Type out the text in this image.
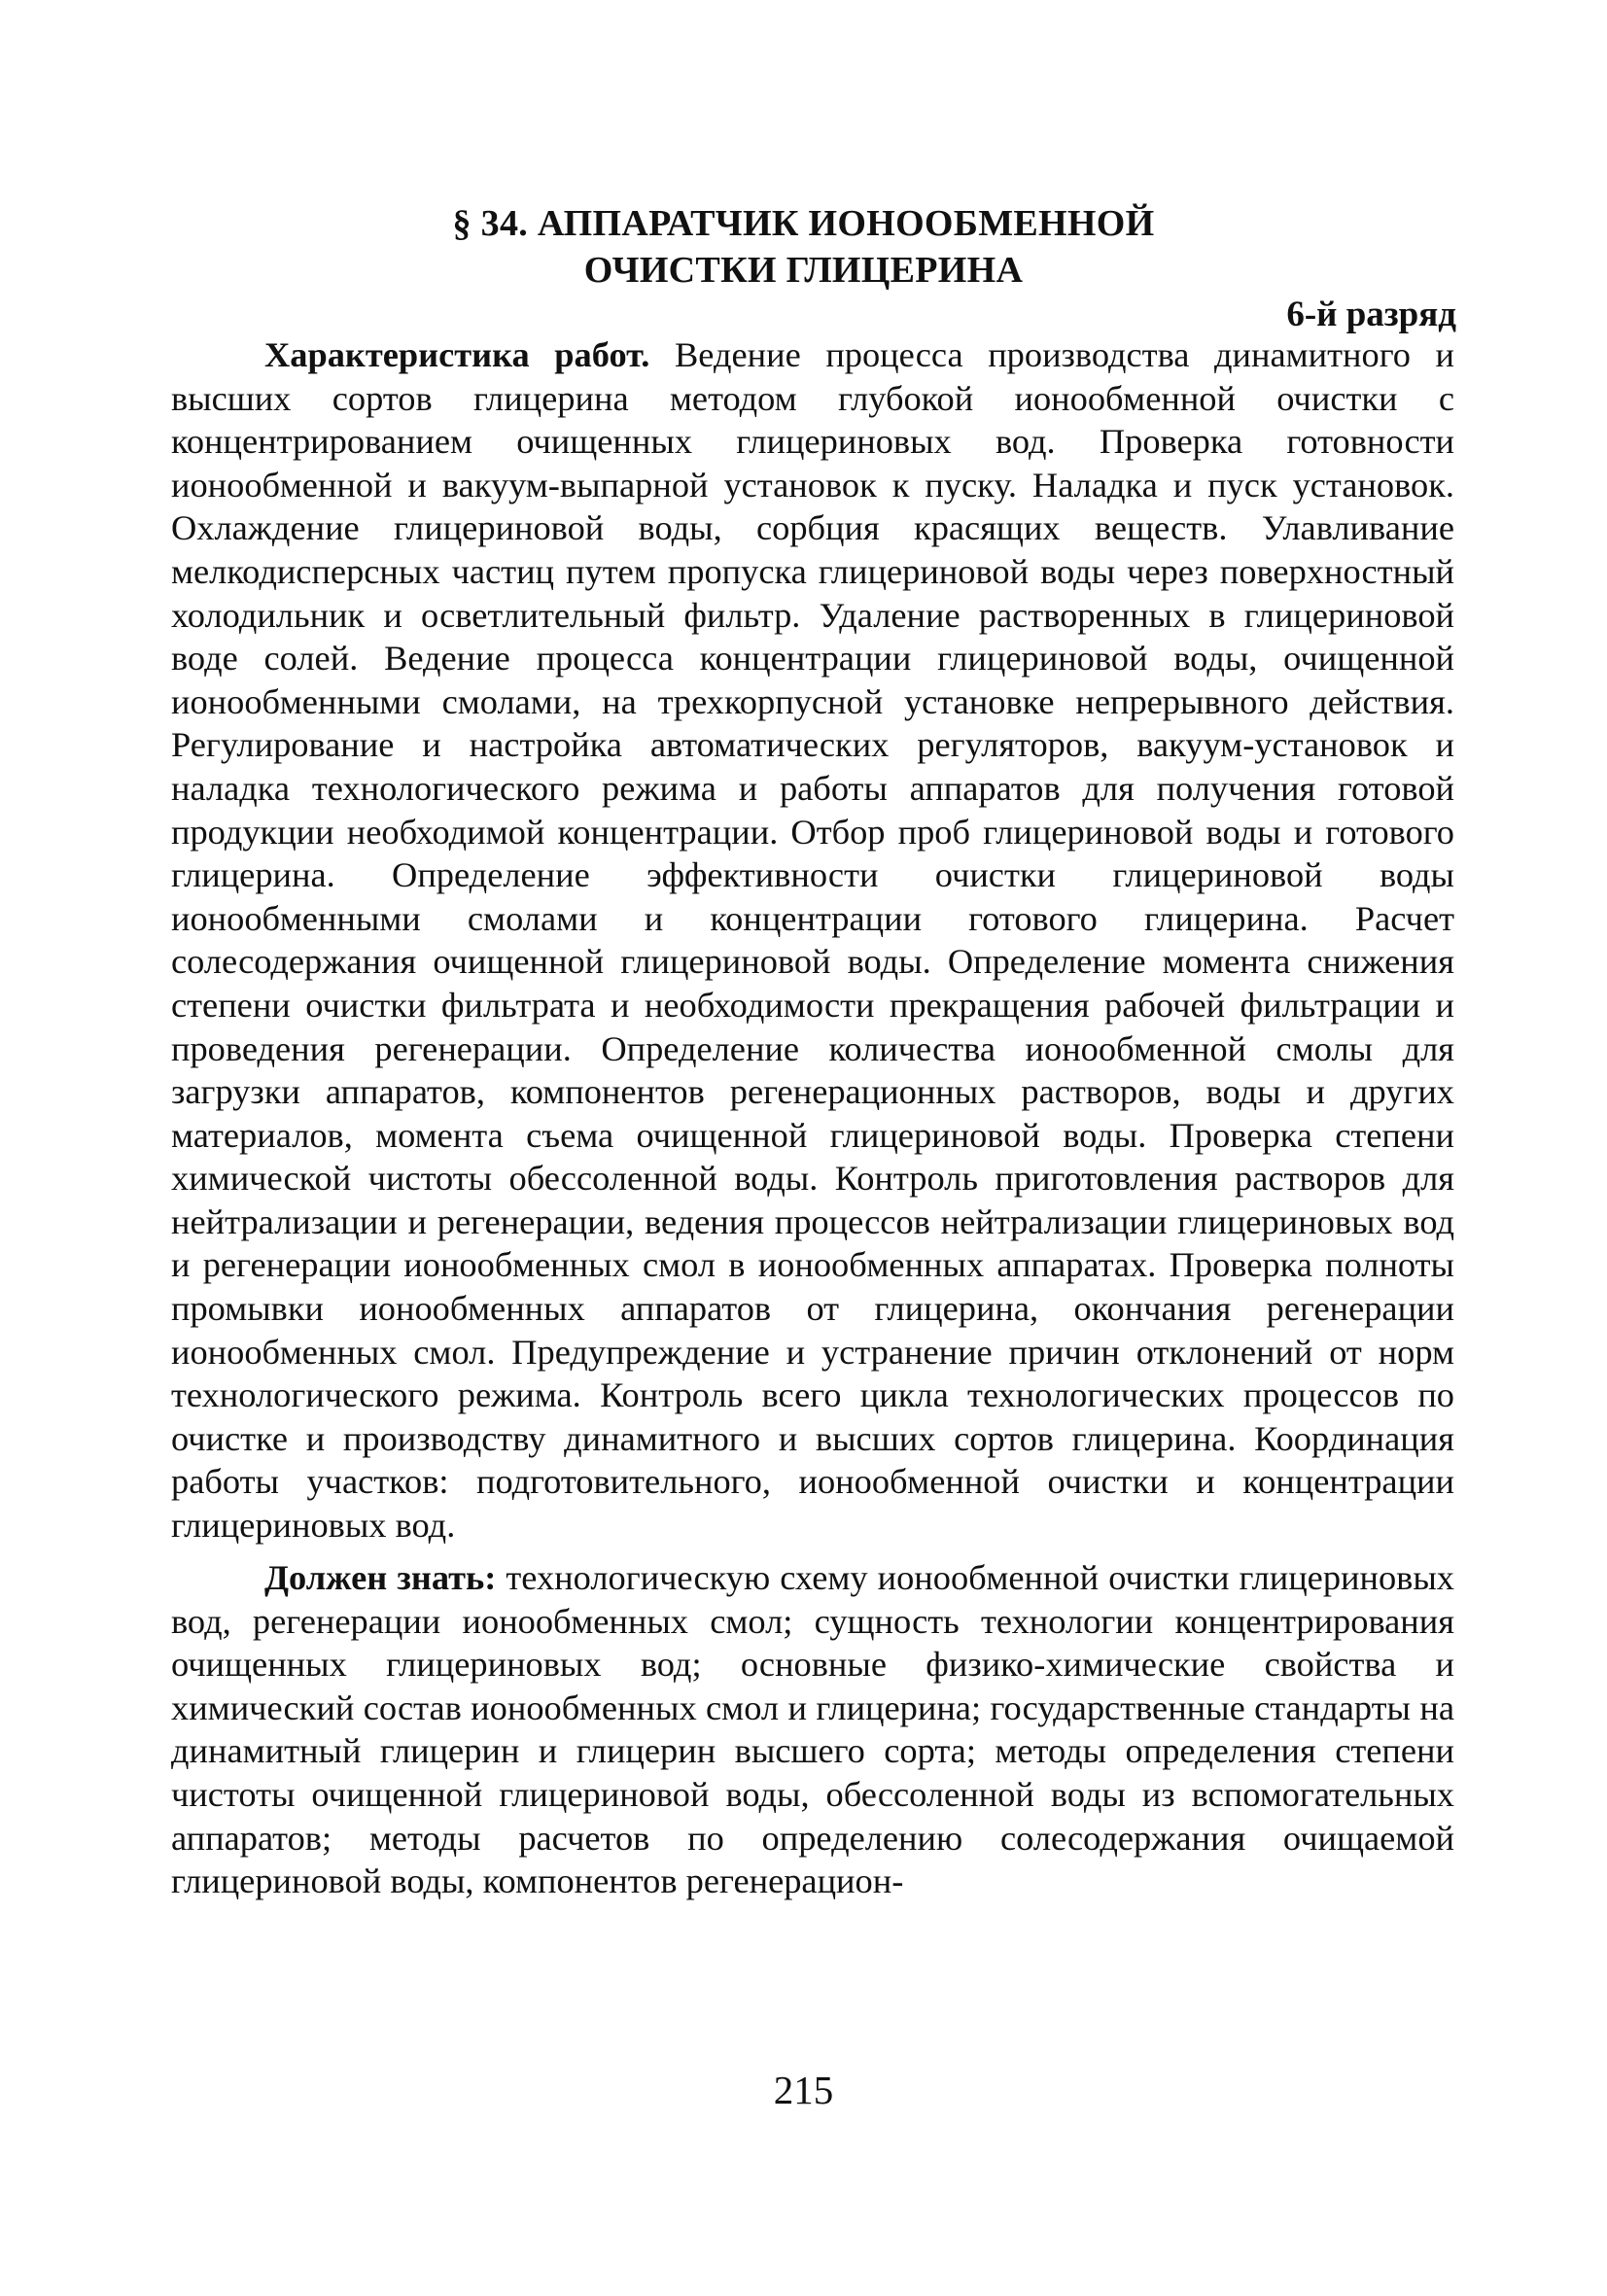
§ 34. АППАРАТЧИК ИОНООБМЕННОЙ
ОЧИСТКИ ГЛИЦЕРИНА
6-й разряд
Характеристика работ. Ведение процесса производства динамитного и высших сортов глицерина методом глубокой ионообменной очистки с концентрированием очищенных глицериновых вод. Проверка готовности ионообменной и вакуум-выпарной установок к пуску. Наладка и пуск установок. Охлаждение глицериновой воды, сорбция красящих веществ. Улавливание мелкодисперсных частиц путем пропуска глицериновой воды через поверхностный холодильник и осветлительный фильтр. Удаление растворенных в глицериновой воде солей. Ведение процесса концентрации глицериновой воды, очищенной ионообменными смолами, на трехкорпусной установке непрерывного действия. Регулирование и настройка автоматических регуляторов, вакуум-установок и наладка технологического режима и работы аппаратов для получения готовой продукции необходимой концентрации. Отбор проб глицериновой воды и готового глицерина. Определение эффективности очистки глицериновой воды ионообменными смолами и концентрации готового глицерина. Расчет солесодержания очищенной глицериновой воды. Определение момента снижения степени очистки фильтрата и необходимости прекращения рабочей фильтрации и проведения регенерации. Определение количества ионообменной смолы для загрузки аппаратов, компонентов регенерационных растворов, воды и других материалов, момента съема очищенной глицериновой воды. Проверка степени химической чистоты обессоленной воды. Контроль приготовления растворов для нейтрализации и регенерации, ведения процессов нейтрализации глицериновых вод и регенерации ионообменных смол в ионообменных аппаратах. Проверка полноты промывки ионообменных аппаратов от глицерина, окончания регенерации ионообменных смол. Предупреждение и устранение причин отклонений от норм технологического режима. Контроль всего цикла технологических процессов по очистке и производству динамитного и высших сортов глицерина. Координация работы участков: подготовительного, ионообменной очистки и концентрации глицериновых вод.
Должен знать: технологическую схему ионообменной очистки глицериновых вод, регенерации ионообменных смол; сущность технологии концентрирования очищенных глицериновых вод; основные физико-химические свойства и химический состав ионообменных смол и глицерина; государственные стандарты на динамитный глицерин и глицерин высшего сорта; методы определения степени чистоты очищенной глицериновой воды, обессоленной воды из вспомогательных аппаратов; методы расчетов по определению солесодержания очищаемой глицериновой воды, компонентов регенерацион-
215
